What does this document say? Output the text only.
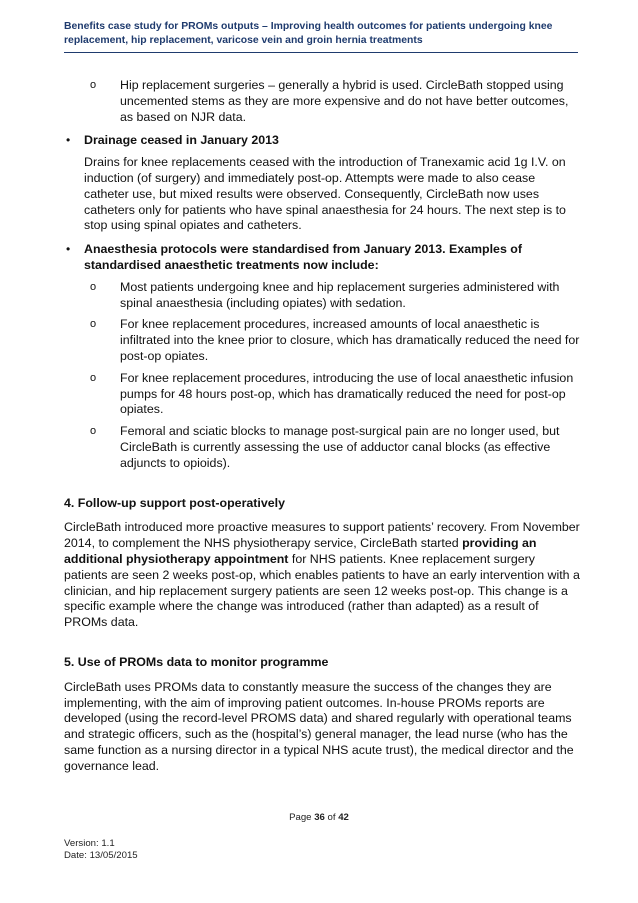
Benefits case study for PROMs outputs – Improving health outcomes for patients undergoing knee replacement, hip replacement, varicose vein and groin hernia treatments
o Hip replacement surgeries – generally a hybrid is used. CircleBath stopped using uncemented stems as they are more expensive and do not have better outcomes, as based on NJR data.
• Drainage ceased in January 2013
Drains for knee replacements ceased with the introduction of Tranexamic acid 1g I.V. on induction (of surgery) and immediately post-op. Attempts were made to also cease catheter use, but mixed results were observed. Consequently, CircleBath now uses catheters only for patients who have spinal anaesthesia for 24 hours. The next step is to stop using spinal opiates and catheters.
• Anaesthesia protocols were standardised from January 2013. Examples of standardised anaesthetic treatments now include:
o Most patients undergoing knee and hip replacement surgeries administered with spinal anaesthesia (including opiates) with sedation.
o For knee replacement procedures, increased amounts of local anaesthetic is infiltrated into the knee prior to closure, which has dramatically reduced the need for post-op opiates.
o For knee replacement procedures, introducing the use of local anaesthetic infusion pumps for 48 hours post-op, which has dramatically reduced the need for post-op opiates.
o Femoral and sciatic blocks to manage post-surgical pain are no longer used, but CircleBath is currently assessing the use of adductor canal blocks (as effective adjuncts to opioids).
4. Follow-up support post-operatively

CircleBath introduced more proactive measures to support patients’ recovery. From November 2014, to complement the NHS physiotherapy service, CircleBath started providing an additional physiotherapy appointment for NHS patients. Knee replacement surgery patients are seen 2 weeks post-op, which enables patients to have an early intervention with a clinician, and hip replacement surgery patients are seen 12 weeks post-op. This change is a specific example where the change was introduced (rather than adapted) as a result of PROMs data.

5. Use of PROMs data to monitor programme

CircleBath uses PROMs data to constantly measure the success of the changes they are implementing, with the aim of improving patient outcomes. In-house PROMs reports are developed (using the record-level PROMS data) and shared regularly with operational teams and strategic officers, such as the (hospital’s) general manager, the lead nurse (who has the same function as a nursing director in a typical NHS acute trust), the medical director and the governance lead.

Page 36 of 42
Version: 1.1
Date: 13/05/2015
